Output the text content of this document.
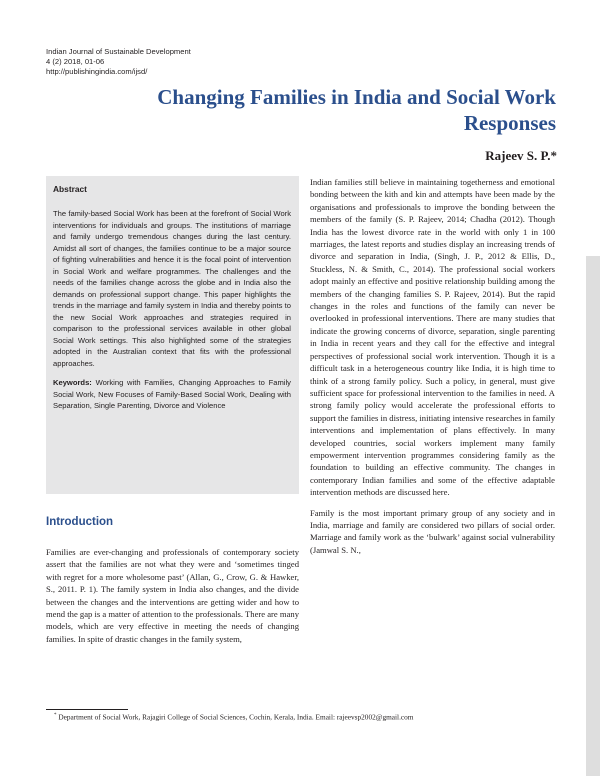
Indian Journal of Sustainable Development
4 (2) 2018, 01-06
http://publishingindia.com/ijsd/
Changing Families in India and Social Work Responses
Rajeev S. P.*
Abstract

The family-based Social Work has been at the forefront of Social Work interventions for individuals and groups. The institutions of marriage and family undergo tremendous changes during the last century. Amidst all sort of changes, the families continue to be a major source of fighting vulnerabilities and hence it is the focal point of intervention in Social Work and welfare programmes. The challenges and the needs of the families change across the globe and in India also the demands on professional support change. This paper highlights the trends in the marriage and family system in India and thereby points to the new Social Work approaches and strategies required in comparison to the professional services available in other global Social Work settings. This also highlighted some of the strategies adopted in the Australian context that fits with the professional approaches.

Keywords: Working with Families, Changing Approaches to Family Social Work, New Focuses of Family-Based Social Work, Dealing with Separation, Single Parenting, Divorce and Violence

Introduction

Families are ever-changing and professionals of contemporary society assert that the families are not what they were and ‘sometimes tinged with regret for a more wholesome past’ (Allan, G., Crow, G. & Hawker, S., 2011. P. 1). The family system in India also changes, and the divide between the changes and the interventions are getting wider and how to mend the gap is a matter of attention to the professionals. There are many models, which are very effective in meeting the needs of changing families. In spite of drastic changes in the family system,

Indian families still believe in maintaining togetherness and emotional bonding between the kith and kin and attempts have been made by the organisations and professionals to improve the bonding between the members of the family (S. P. Rajeev, 2014; Chadha (2012). Though India has the lowest divorce rate in the world with only 1 in 100 marriages, the latest reports and studies display an increasing trends of divorce and separation in India, (Singh, J. P., 2012 & Ellis, D., Stuckless, N. & Smith, C., 2014). The professional social workers adopt mainly an effective and positive relationship building among the members of the changing families S. P. Rajeev, 2014). But the rapid changes in the roles and functions of the family can never be overlooked in professional interventions. There are many studies that indicate the growing concerns of divorce, separation, single parenting in India in recent years and they call for the effective and integral perspectives of professional social work intervention. Though it is a difficult task in a heterogeneous country like India, it is high time to think of a strong family policy. Such a policy, in general, must give sufficient space for professional intervention to the families in need. A strong family policy would accelerate the professional efforts to support the families in distress, initiating intensive researches in family interventions and implementation of plans effectively. In many developed countries, social workers implement many family empowerment intervention programmes considering family as the foundation to building an effective community. The changes in contemporary Indian families and some of the effective adaptable intervention methods are discussed here.

Family is the most important primary group of any society and in India, marriage and family are considered two pillars of social order. Marriage and family work as the ‘bulwark’ against social vulnerability (Jamwal S. N.,

* Department of Social Work, Rajagiri College of Social Sciences, Cochin, Kerala, India. Email: rajeevsp2002@gmail.com
